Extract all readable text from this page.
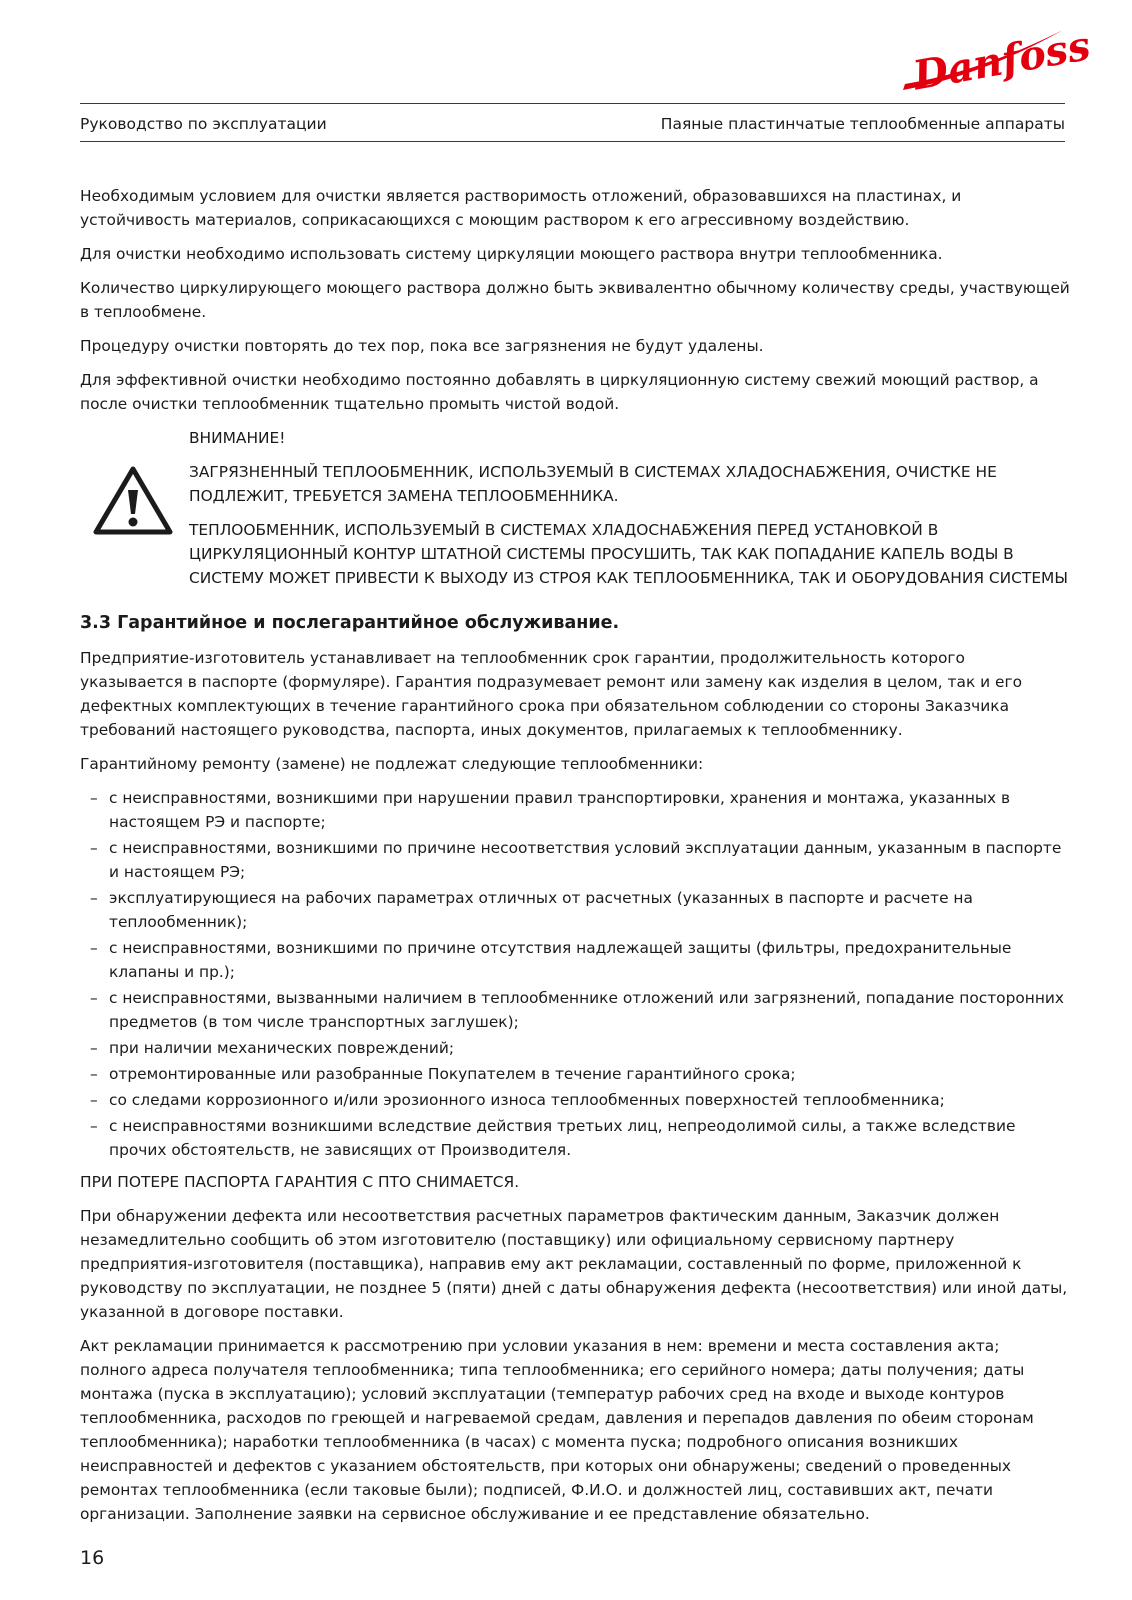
Danfoss
Руководство по эксплуатации	Паяные пластинчатые теплообменные аппараты

Необходимым условием для очистки является растворимость отложений, образовавшихся на пластинах, и устойчивость материалов, соприкасающихся с моющим раствором к его агрессивному воздействию.

Для очистки необходимо использовать систему циркуляции моющего раствора внутри теплообменника.

Количество циркулирующего моющего раствора должно быть эквивалентно обычному количеству среды, участвующей в теплообмене.

Процедуру очистки повторять до тех пор, пока все загрязнения не будут удалены.

Для эффективной очистки необходимо постоянно добавлять в циркуляционную систему свежий моющий раствор, а после очистки теплообменник тщательно промыть чистой водой.

ВНИМАНИЕ!

ЗАГРЯЗНЕННЫЙ ТЕПЛООБМЕННИК, ИСПОЛЬЗУЕМЫЙ В СИСТЕМАХ ХЛАДОСНАБЖЕНИЯ, ОЧИСТКЕ НЕ ПОДЛЕЖИТ, ТРЕБУЕТСЯ ЗАМЕНА ТЕПЛООБМЕННИКА.

ТЕПЛООБМЕННИК, ИСПОЛЬЗУЕМЫЙ В СИСТЕМАХ ХЛАДОСНАБЖЕНИЯ ПЕРЕД УСТАНОВКОЙ В ЦИРКУЛЯЦИОННЫЙ КОНТУР ШТАТНОЙ СИСТЕМЫ ПРОСУШИТЬ, ТАК КАК ПОПАДАНИЕ КАПЕЛЬ ВОДЫ В СИСТЕМУ МОЖЕТ ПРИВЕСТИ К ВЫХОДУ ИЗ СТРОЯ КАК ТЕПЛООБМЕННИКА, ТАК И ОБОРУДОВАНИЯ СИСТЕМЫ

3.3 Гарантийное и послегарантийное обслуживание.

Предприятие-изготовитель устанавливает на теплообменник срок гарантии, продолжительность которого указывается в паспорте (формуляре). Гарантия подразумевает ремонт или замену как изделия в целом, так и его дефектных комплектующих в течение гарантийного срока при обязательном соблюдении со стороны Заказчика требований настоящего руководства, паспорта, иных документов, прилагаемых к теплообменнику.

Гарантийному ремонту (замене) не подлежат следующие теплообменники:

– с неисправностями, возникшими при нарушении правил транспортировки, хранения и монтажа, указанных в настоящем РЭ и паспорте;
– с неисправностями, возникшими по причине несоответствия условий эксплуатации данным, указанным в паспорте и настоящем РЭ;
– эксплуатирующиеся на рабочих параметрах отличных от расчетных (указанных в паспорте и расчете на теплообменник);
– с неисправностями, возникшими по причине отсутствия надлежащей защиты (фильтры, предохранительные клапаны и пр.);
– с неисправностями, вызванными наличием в теплообменнике отложений или загрязнений, попадание посторонних предметов (в том числе транспортных заглушек);
– при наличии механических повреждений;
– отремонтированные или разобранные Покупателем в течение гарантийного срока;
– со следами коррозионного и/или эрозионного износа теплообменных поверхностей теплообменника;
– с неисправностями возникшими вследствие действия третьих лиц, непреодолимой силы, а также вследствие прочих обстоятельств, не зависящих от Производителя.

ПРИ ПОТЕРЕ ПАСПОРТА ГАРАНТИЯ С ПТО СНИМАЕТСЯ.

При обнаружении дефекта или несоответствия расчетных параметров фактическим данным, Заказчик должен незамедлительно сообщить об этом изготовителю (поставщику) или официальному сервисному партнеру предприятия-изготовителя (поставщика), направив ему акт рекламации, составленный по форме, приложенной к руководству по эксплуатации, не позднее 5 (пяти) дней с даты обнаружения дефекта (несоответствия) или иной даты, указанной в договоре поставки.

Акт рекламации принимается к рассмотрению при условии указания в нем: времени и места составления акта; полного адреса получателя теплообменника; типа теплообменника; его серийного номера; даты получения; даты монтажа (пуска в эксплуатацию); условий эксплуатации (температур рабочих сред на входе и выходе контуров теплообменника, расходов по греющей и нагреваемой средам, давления и перепадов давления по обеим сторонам теплообменника); наработки теплообменника (в часах) с момента пуска; подробного описания возникших неисправностей и дефектов с указанием обстоятельств, при которых они обнаружены; сведений о проведенных ремонтах теплообменника (если таковые были); подписей, Ф.И.О. и должностей лиц, составивших акт, печати организации. Заполнение заявки на сервисное обслуживание и ее представление обязательно.

16
